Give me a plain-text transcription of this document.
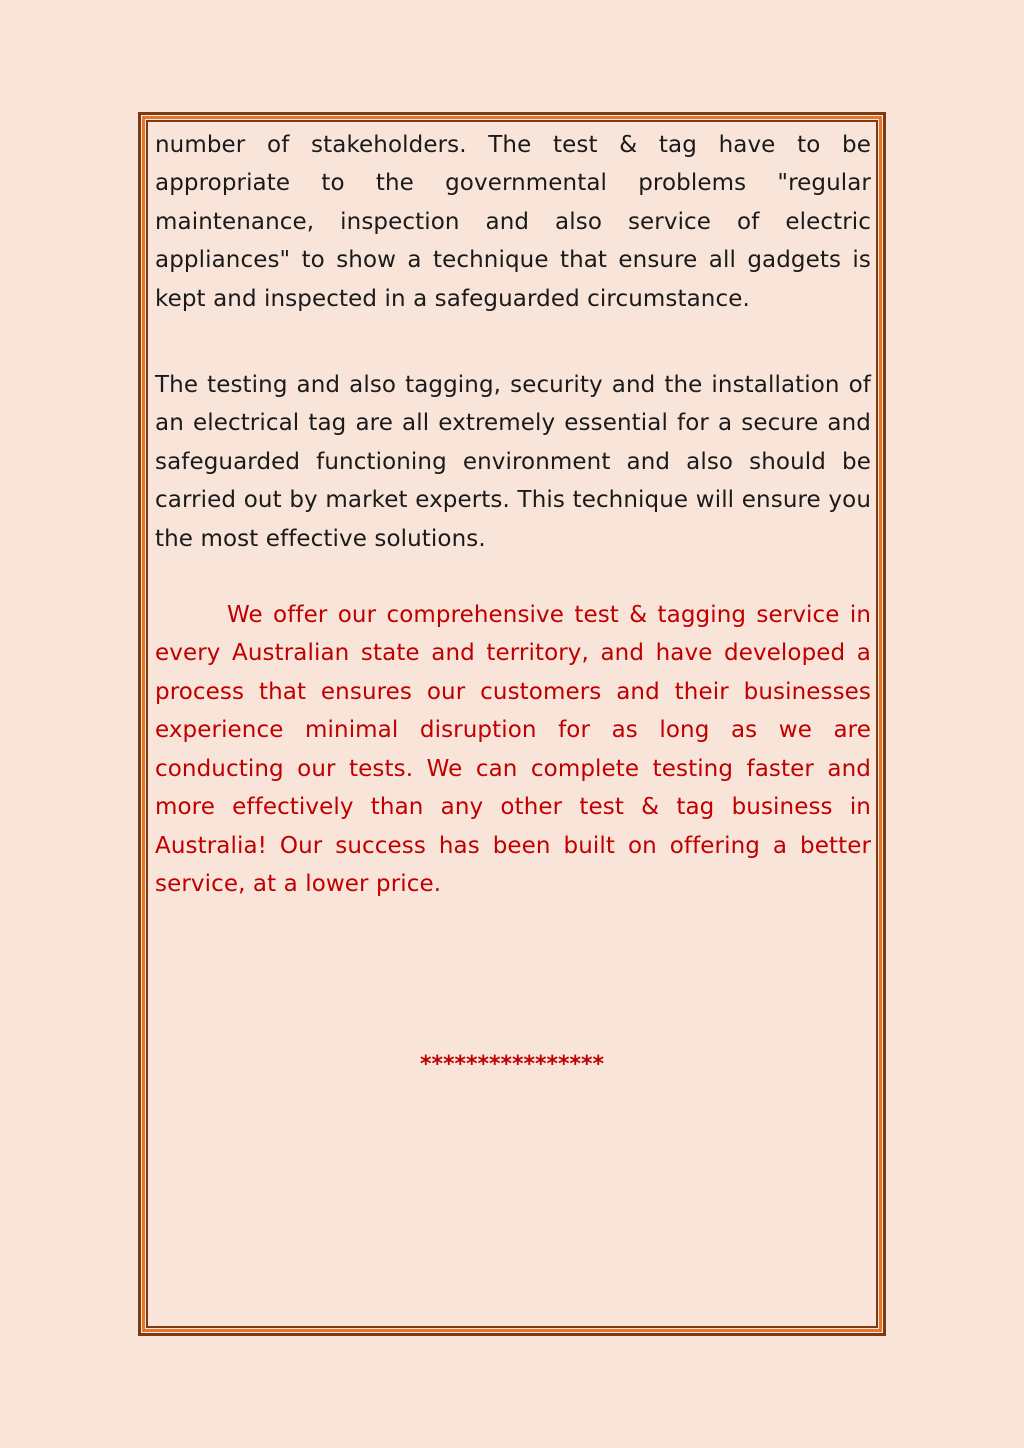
number of stakeholders. The test & tag have to be appropriate to the governmental problems "regular maintenance, inspection and also service of electric appliances" to show a technique that ensure all gadgets is kept and inspected in a safeguarded circumstance.

The testing and also tagging, security and the installation of an electrical tag are all extremely essential for a secure and safeguarded functioning environment and also should be carried out by market experts. This technique will ensure you the most effective solutions.

We offer our comprehensive test & tagging service in every Australian state and territory, and have developed a process that ensures our customers and their businesses experience minimal disruption for as long as we are conducting our tests. We can complete testing faster and more effectively than any other test & tag business in Australia! Our success has been built on offering a better service, at a lower price.

****************
